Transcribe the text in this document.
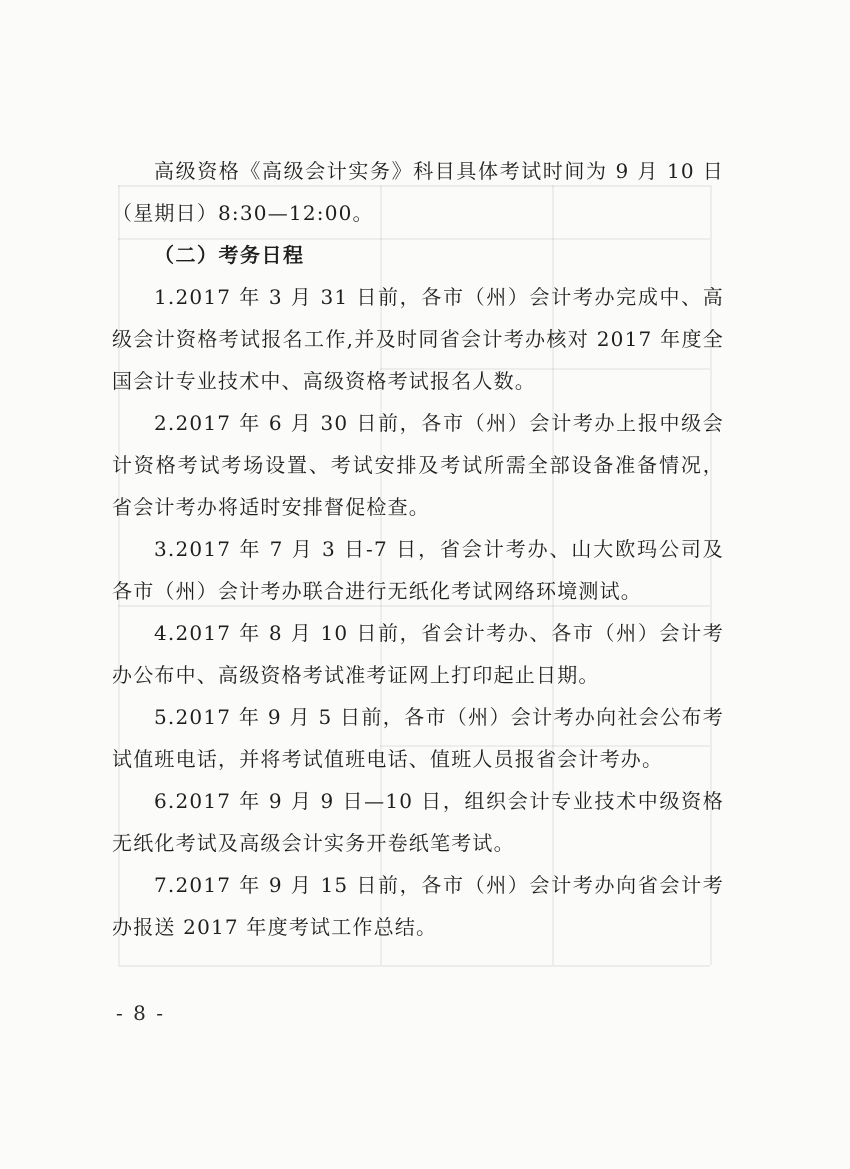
高级资格《高级会计实务》科目具体考试时间为 9 月 10 日（星期日）8:30—12:00。

（二）考务日程

1.2017 年 3 月 31 日前，各市（州）会计考办完成中、高级会计资格考试报名工作,并及时同省会计考办核对 2017 年度全国会计专业技术中、高级资格考试报名人数。

2.2017 年 6 月 30 日前，各市（州）会计考办上报中级会计资格考试考场设置、考试安排及考试所需全部设备准备情况，省会计考办将适时安排督促检查。

3.2017 年 7 月 3 日-7 日，省会计考办、山大欧玛公司及各市（州）会计考办联合进行无纸化考试网络环境测试。

4.2017 年 8 月 10 日前，省会计考办、各市（州）会计考办公布中、高级资格考试准考证网上打印起止日期。

5.2017 年 9 月 5 日前，各市（州）会计考办向社会公布考试值班电话，并将考试值班电话、值班人员报省会计考办。

6.2017 年 9 月 9 日—10 日，组织会计专业技术中级资格无纸化考试及高级会计实务开卷纸笔考试。

7.2017 年 9 月 15 日前，各市（州）会计考办向省会计考办报送 2017 年度考试工作总结。

- 8 -
